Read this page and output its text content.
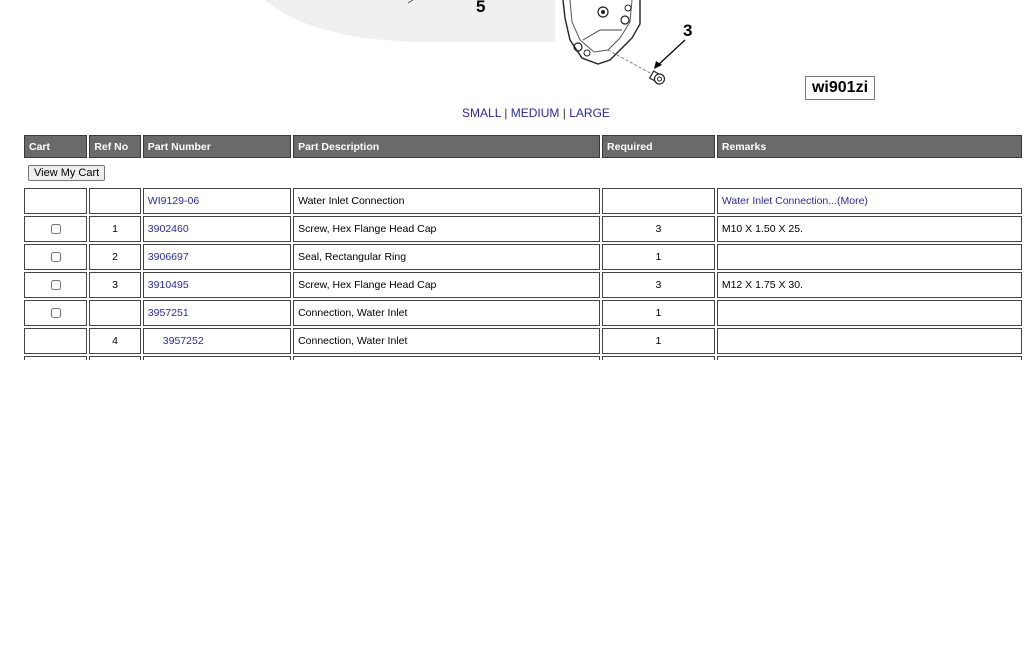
5
3
wi901zi
SMALL | MEDIUM | LARGE
Cart	Ref No	Part Number	Part Description	Required	Remarks
View My Cart					
		WI9129-06	Water Inlet Connection		Water Inlet Connection...(More)
	1	3902460	Screw, Hex Flange Head Cap	3	M10 X 1.50 X 25.
	2	3906697	Seal, Rectangular Ring	1	
	3	3910495	Screw, Hex Flange Head Cap	3	M12 X 1.75 X 30.
		3957251	Connection, Water Inlet	1	
	4	3957252	Connection, Water Inlet	1	
